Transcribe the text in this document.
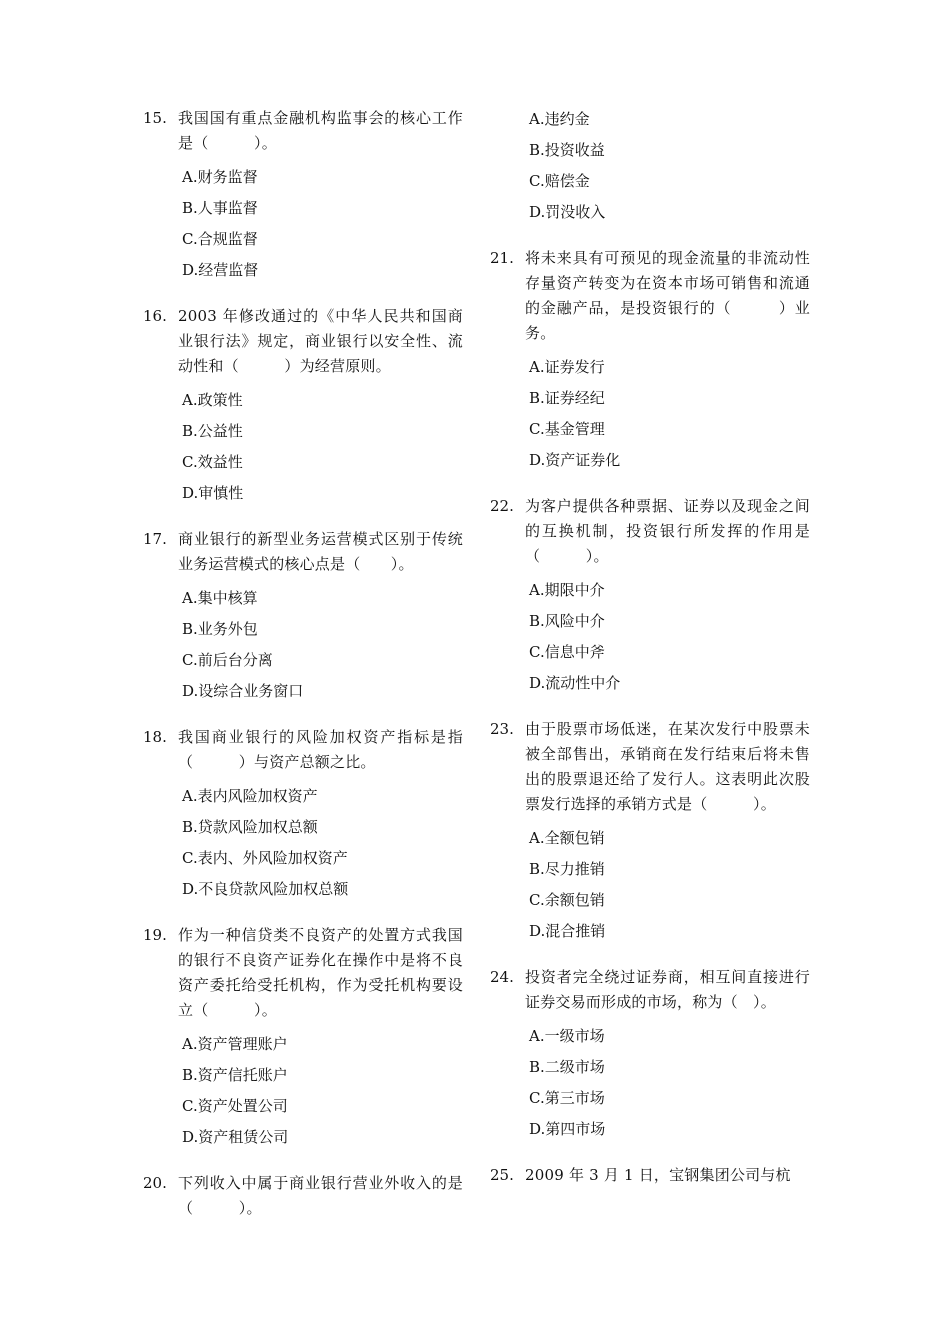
15. 我国国有重点金融机构监事会的核心工作是（　　　）。
A.财务监督
B.人事监督
C.合规监督
D.经营监督
16. 2003 年修改通过的《中华人民共和国商业银行法》规定，商业银行以安全性、流动性和（　　　）为经营原则。
A.政策性
B.公益性
C.效益性
D.审慎性
17. 商业银行的新型业务运营模式区别于传统业务运营模式的核心点是（　　）。
A.集中核算
B.业务外包
C.前后台分离
D.设综合业务窗口
18. 我国商业银行的风险加权资产指标是指（　　　）与资产总额之比。
A.表内风险加权资产
B.贷款风险加权总额
C.表内、外风险加权资产
D.不良贷款风险加权总额
19. 作为一种信贷类不良资产的处置方式我国的银行不良资产证券化在操作中是将不良资产委托给受托机构，作为受托机构要设立（　　　）。
A.资产管理账户
B.资产信托账户
C.资产处置公司
D.资产租赁公司
20. 下列收入中属于商业银行营业外收入的是（　　　）。
A.违约金
B.投资收益
C.赔偿金
D.罚没收入
21. 将未来具有可预见的现金流量的非流动性存量资产转变为在资本市场可销售和流通的金融产品，是投资银行的（　　　）业务。
A.证券发行
B.证券经纪
C.基金管理
D.资产证券化
22. 为客户提供各种票据、证券以及现金之间的互换机制，投资银行所发挥的作用是 （　　　）。
A.期限中介
B.风险中介
C.信息中斧
D.流动性中介
23. 由于股票市场低迷，在某次发行中股票未被全部售出，承销商在发行结束后将未售出的股票退还给了发行人。这表明此次股票发行选择的承销方式是（　　　）。
A.全额包销
B.尽力推销
C.余额包销
D.混合推销
24. 投资者完全绕过证券商，相互间直接进行证券交易而形成的市场，称为（　）。
A.一级市场
B.二级市场
C.第三市场
D.第四市场
25. 2009 年 3 月 1 日，宝钢集团公司与杭
